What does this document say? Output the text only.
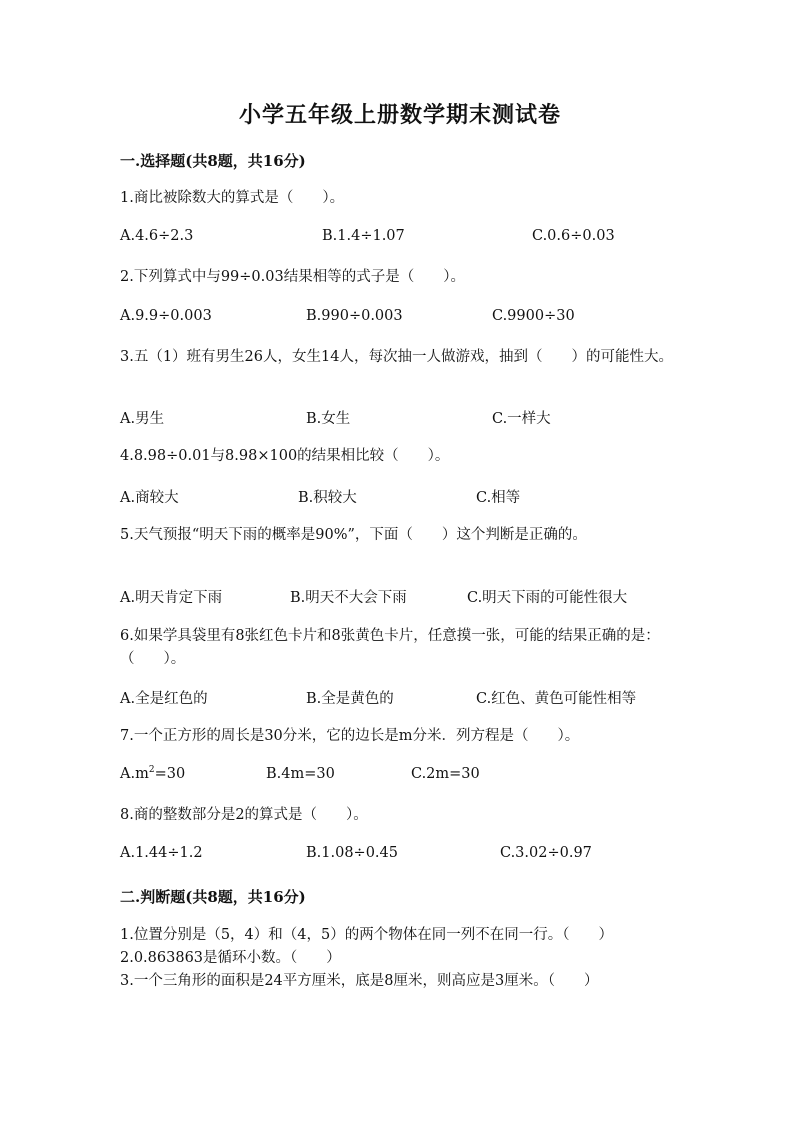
小学五年级上册数学期末测试卷
一.选择题(共8题，共16分)
1.商比被除数大的算式是（　　）。
A.4.6÷2.3	B.1.4÷1.07	C.0.6÷0.03
2.下列算式中与99÷0.03结果相等的式子是（　　）。
A.9.9÷0.003	B.990÷0.003	C.9900÷30
3.五（1）班有男生26人，女生14人，每次抽一人做游戏，抽到（　　）的可能性大。
A.男生	B.女生	C.一样大
4.8.98÷0.01与8.98×100的结果相比较（　　）。
A.商较大	B.积较大	C.相等
5.天气预报“明天下雨的概率是90%”，下面（　　）这个判断是正确的。
A.明天肯定下雨	B.明天不大会下雨	C.明天下雨的可能性很大
6.如果学具袋里有8张红色卡片和8张黄色卡片，任意摸一张，可能的结果正确的是：（　　）。
A.全是红色的	B.全是黄色的	C.红色、黄色可能性相等
7.一个正方形的周长是30分米，它的边长是m分米．列方程是（　　）。
$A.m^2=30$	B.4m=30	C.2m=30
8.商的整数部分是2的算式是（　　）。
A.1.44÷1.2	B.1.08÷0.45	C.3.02÷0.97
二.判断题(共8题，共16分)
1.位置分别是（5，4）和（4，5）的两个物体在同一列不在同一行。（　　）
2.0.863863是循环小数。（　　）
3.一个三角形的面积是24平方厘米，底是8厘米，则高应是3厘米。（　　）
